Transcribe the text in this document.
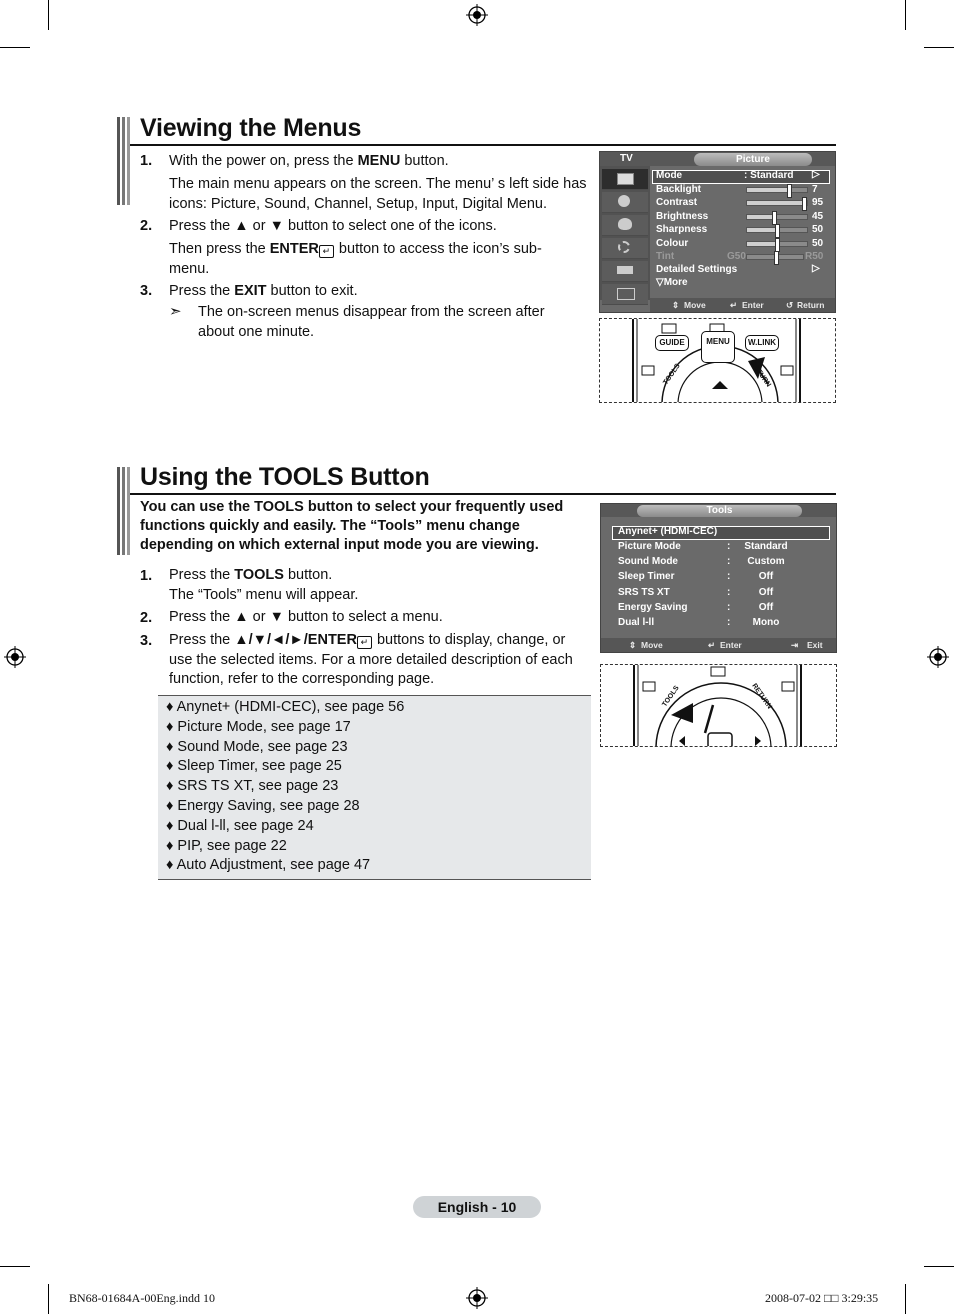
Viewing the Menus
1. With the power on, press the MENU button.
The main menu appears on the screen. The menu’ s left side has icons: Picture, Sound, Channel, Setup, Input, Digital Menu.
2. Press the ▲ or ▼ button to select one of the icons.
Then press the ENTER ↵ button to access the icon’s sub-menu.
3. Press the EXIT button to exit.
➣ The on-screen menus disappear from the screen after about one minute.
TV	Picture
Mode	: Standard ▷
Backlight	7
Contrast	95
Brightness	45
Sharpness	50
Colour	50
Tint	G50	R50
Detailed Settings	▷
▽More
⇕ Move	↵ Enter	↺ Return
GUIDE	MENU	W.LINK
TOOLS	RETURN
Using the TOOLS Button
You can use the TOOLS button to select your frequently used functions quickly and easily. The “Tools” menu change depending on which external input mode you are viewing.
1. Press the TOOLS button.
The “Tools” menu will appear.
2. Press the ▲ or ▼ button to select a menu.
3. Press the ▲/▼/◄/►/ENTER ↵ buttons to display, change, or use the selected items. For a more detailed description of each function, refer to the corresponding page.
♦ Anynet+ (HDMI-CEC), see page 56
♦ Picture Mode, see page 17
♦ Sound Mode, see page 23
♦ Sleep Timer, see page 25
♦ SRS TS XT, see page 23
♦ Energy Saving, see page 28
♦ Dual l-ll, see page 24
♦ PIP, see page 22
♦ Auto Adjustment, see page 47
Tools
Anynet+ (HDMI-CEC)
Picture Mode	:	Standard
Sound Mode	:	Custom
Sleep Timer	:	Off
SRS TS XT	:	Off
Energy Saving	:	Off
Dual l-ll	:	Mono
⇕ Move	↵ Enter	⇥ Exit
TOOLS	RETURN
English - 10
BN68-01684A-00Eng.indd 10	2008-07-02 □□ 3:29:35
